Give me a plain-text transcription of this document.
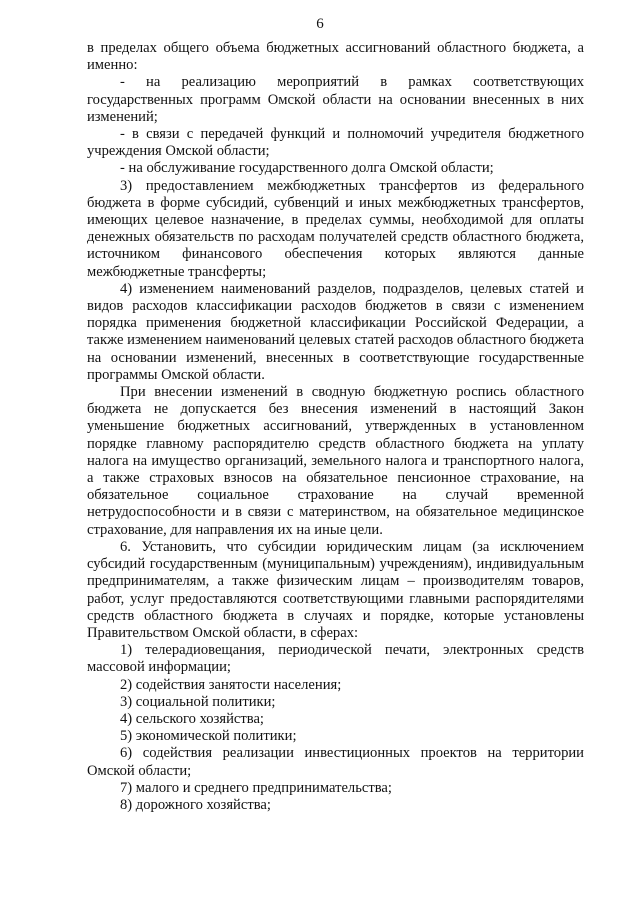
6

в пределах общего объема бюджетных ассигнований областного бюджета, а именно:

- на реализацию мероприятий в рамках соответствующих государственных программ Омской области на основании внесенных в них изменений;

- в связи с передачей функций и полномочий учредителя бюджетного учреждения Омской области;

- на обслуживание государственного долга Омской области;

3) предоставлением межбюджетных трансфертов из федерального бюджета в форме субсидий, субвенций и иных межбюджетных трансфертов, имеющих целевое назначение, в пределах суммы, необходимой для оплаты денежных обязательств по расходам получателей средств областного бюджета, источником финансового обеспечения которых являются данные межбюджетные трансферты;

4) изменением наименований разделов, подразделов, целевых статей и видов расходов классификации расходов бюджетов в связи с изменением порядка применения бюджетной классификации Российской Федерации, а также изменением наименований целевых статей расходов областного бюджета на основании изменений, внесенных в соответствующие государственные программы Омской области.

При внесении изменений в сводную бюджетную роспись областного бюджета не допускается без внесения изменений в настоящий Закон уменьшение бюджетных ассигнований, утвержденных в установленном порядке главному распорядителю средств областного бюджета на уплату налога на имущество организаций, земельного налога и транспортного налога, а также страховых взносов на обязательное пенсионное страхование, на обязательное социальное страхование на случай временной нетрудоспособности и в связи с материнством, на обязательное медицинское страхование, для направления их на иные цели.

6. Установить, что субсидии юридическим лицам (за исключением субсидий государственным (муниципальным) учреждениям), индивидуальным предпринимателям, а также физическим лицам – производителям товаров, работ, услуг предоставляются соответствующими главными распорядителями средств областного бюджета в случаях и порядке, которые установлены Правительством Омской области, в сферах:

1) телерадиовещания, периодической печати, электронных средств массовой информации;

2) содействия занятости населения;

3) социальной политики;

4) сельского хозяйства;

5) экономической политики;

6) содействия реализации инвестиционных проектов на территории Омской области;

7) малого и среднего предпринимательства;

8) дорожного хозяйства;
